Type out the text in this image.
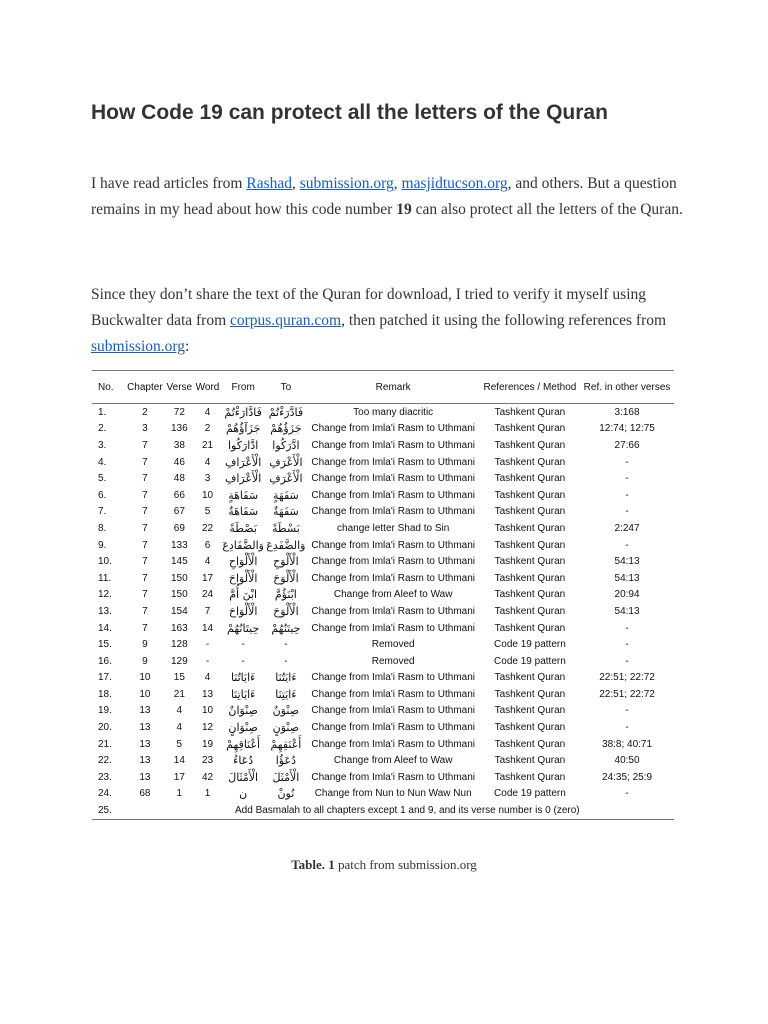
How Code 19 can protect all the letters of the Quran

I have read articles from Rashad, submission.org, masjidtucson.org, and others. But a question remains in my head about how this code number 19 can also protect all the letters of the Quran.

Since they don’t share the text of the Quran for download, I tried to verify it myself using Buckwalter data from corpus.quran.com, then patched it using the following references from submission.org:

No.	Chapter	Verse	Word	From	To	Remark	References / Method	Ref. in other verses
1.	2	72	4	فَادَّارَءْتُمْ	فَادَّرَءْتُمْ	Too many diacritic	Tashkent Quran	3:168
2.	3	136	2	جَزَآؤُهُمْ	جَزَؤُهُمْ	Change from Imla'i Rasm to Uthmani	Tashkent Quran	12:74; 12:75
3.	7	38	21	ادَّارَكُوا	ادَّرَكُوا	Change from Imla'i Rasm to Uthmani	Tashkent Quran	27:66
4.	7	46	4	الْأَعْرَافِ	الْأَعْرَفِ	Change from Imla'i Rasm to Uthmani	Tashkent Quran	-
5.	7	48	3	الْأَعْرَافِ	الْأَعْرَفِ	Change from Imla'i Rasm to Uthmani	Tashkent Quran	-
6.	7	66	10	سَفَاهَةٍ	سَفَهَةٍ	Change from Imla'i Rasm to Uthmani	Tashkent Quran	-
7.	7	67	5	سَفَاهَةٌ	سَفَهَةٌ	Change from Imla'i Rasm to Uthmani	Tashkent Quran	-
8.	7	69	22	بَصْطَةً	بَسْطَةً	change letter Shad to Sin	Tashkent Quran	2:247
9.	7	133	6	وَالضَّفَادِعَ	وَالضَّفَدِعَ	Change from Imla'i Rasm to Uthmani	Tashkent Quran	-
10.	7	145	4	الْأَلْوَاحِ	الْأَلْوَحِ	Change from Imla'i Rasm to Uthmani	Tashkent Quran	54:13
11.	7	150	17	الْأَلْوَاحَ	الْأَلْوَحَ	Change from Imla'i Rasm to Uthmani	Tashkent Quran	54:13
12.	7	150	24	ابْنَ أُمَّ	ابْنَؤُمَّ	Change from Aleef to Waw	Tashkent Quran	20:94
13.	7	154	7	الْأَلْوَاحَ	الْأَلْوَحَ	Change from Imla'i Rasm to Uthmani	Tashkent Quran	54:13
14.	7	163	14	حِيتَانُهُمْ	حِيتَنُهُمْ	Change from Imla'i Rasm to Uthmani	Tashkent Quran	-
15.	9	128	-	-	-	Removed	Code 19 pattern	-
16.	9	129	-	-	-	Removed	Code 19 pattern	-
17.	10	15	4	ءَايَاتُنَا	ءَايَتُنَا	Change from Imla'i Rasm to Uthmani	Tashkent Quran	22:51; 22:72
18.	10	21	13	ءَايَاتِنَا	ءَايَتِنَا	Change from Imla'i Rasm to Uthmani	Tashkent Quran	22:51; 22:72
19.	13	4	10	صِنْوَانٌ	صِنْوَنٌ	Change from Imla'i Rasm to Uthmani	Tashkent Quran	-
20.	13	4	12	صِنْوَانٍ	صِنْوَنٍ	Change from Imla'i Rasm to Uthmani	Tashkent Quran	-
21.	13	5	19	أَعْنَاقِهِمْ	أَعْنَقِهِمْ	Change from Imla'i Rasm to Uthmani	Tashkent Quran	38:8; 40:71
22.	13	14	23	دُعَاءُ	دُعَؤُا	Change from Aleef to Waw	Tashkent Quran	40:50
23.	13	17	42	الْأَمْثَالَ	الْأَمْثَلَ	Change from Imla'i Rasm to Uthmani	Tashkent Quran	24:35; 25:9
24.	68	1	1	ن	نُونْ	Change from Nun to Nun Waw Nun	Code 19 pattern	-
25.	Add Basmalah to all chapters except 1 and 9, and its verse number is 0 (zero)							
Table. 1 patch from submission.org
